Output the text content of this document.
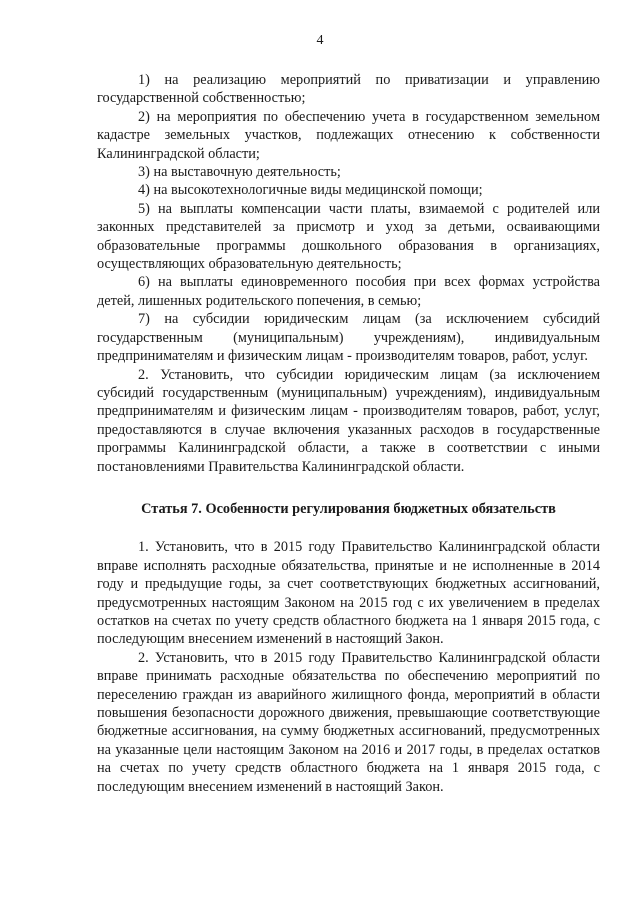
4

1) на реализацию мероприятий по приватизации и управлению государственной собственностью;

2) на мероприятия по обеспечению учета в государственном земельном кадастре земельных участков, подлежащих отнесению к собственности Калининградской области;

3) на выставочную деятельность;

4) на высокотехнологичные виды медицинской помощи;

5) на выплаты компенсации части платы, взимаемой с родителей или законных представителей за присмотр и уход за детьми, осваивающими образовательные программы дошкольного образования в организациях, осуществляющих образовательную деятельность;

6) на выплаты единовременного пособия при всех формах устройства детей, лишенных родительского попечения, в семью;

7) на субсидии юридическим лицам (за исключением субсидий государственным (муниципальным) учреждениям), индивидуальным предпринимателям и физическим лицам - производителям товаров, работ, услуг.

2. Установить, что субсидии юридическим лицам (за исключением субсидий государственным (муниципальным) учреждениям), индивидуальным предпринимателям и физическим лицам - производителям товаров, работ, услуг, предоставляются в случае включения указанных расходов в государственные программы Калининградской области, а также в соответствии с иными постановлениями Правительства Калининградской области.

Статья 7. Особенности регулирования бюджетных обязательств

1. Установить, что в 2015 году Правительство Калининградской области вправе исполнять расходные обязательства, принятые и не исполненные в 2014 году и предыдущие годы, за счет соответствующих бюджетных ассигнований, предусмотренных настоящим Законом на 2015 год с их увеличением в пределах остатков на счетах по учету средств областного бюджета на 1 января 2015 года, с последующим внесением изменений в настоящий Закон.

2. Установить, что в 2015 году Правительство Калининградской области вправе принимать расходные обязательства по обеспечению мероприятий по переселению граждан из аварийного жилищного фонда, мероприятий в области повышения безопасности дорожного движения, превышающие соответствующие бюджетные ассигнования, на сумму бюджетных ассигнований, предусмотренных на указанные цели настоящим Законом на 2016 и 2017 годы, в пределах остатков на счетах по учету средств областного бюджета на 1 января 2015 года, с последующим внесением изменений в настоящий Закон.
